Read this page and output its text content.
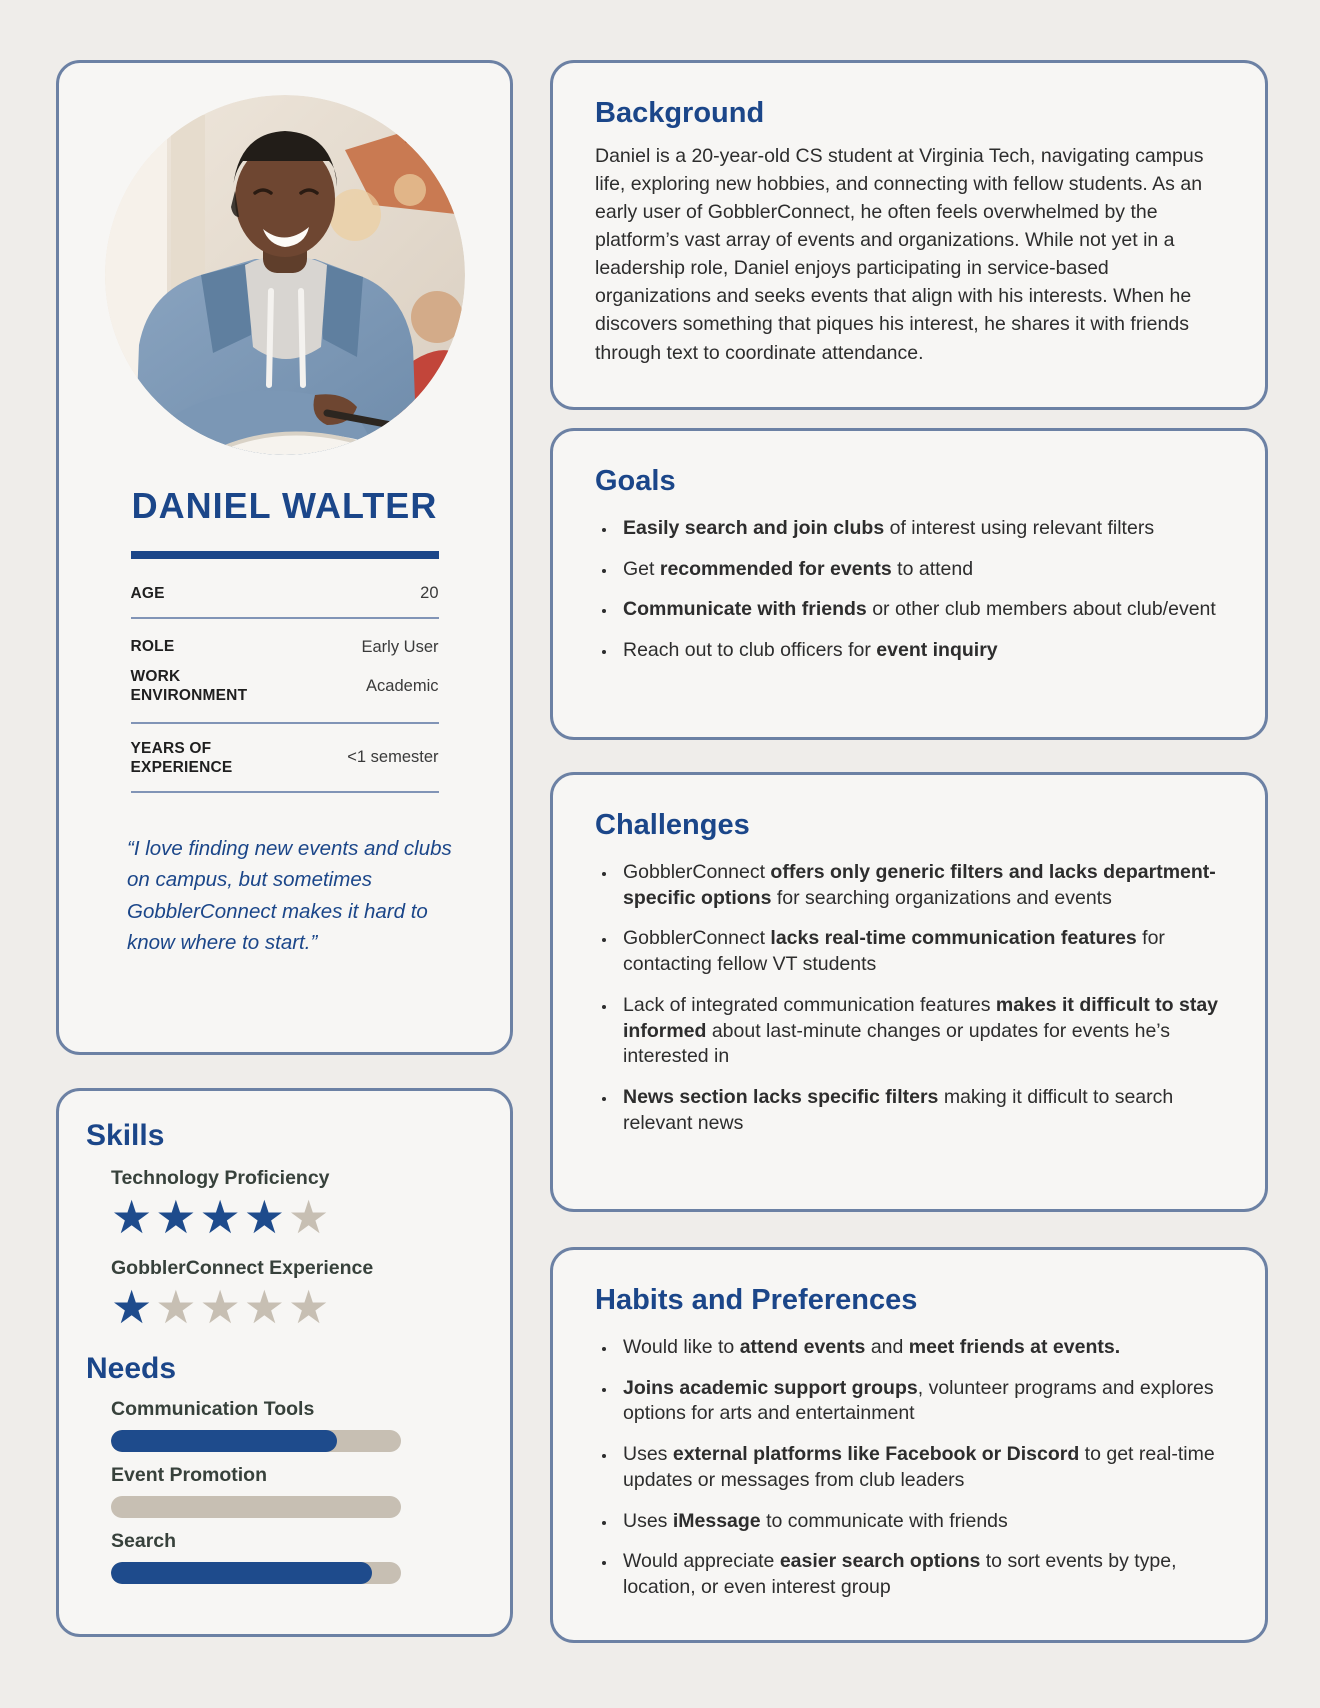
DANIEL WALTER
AGE	20
ROLE	Early User
WORK ENVIRONMENT
Academic
YEARS OF EXPERIENCE
<1 semester

“I love finding new events and clubs on campus, but sometimes GobblerConnect makes it hard to know where to start.”

Skills
Technology Proficiency
★★★★★
GobblerConnect Experience
★★★★★
Needs
Communication Tools
Event Promotion
Search
Background

Daniel is a 20-year-old CS student at Virginia Tech, navigating campus life, exploring new hobbies, and connecting with fellow students. As an early user of GobblerConnect, he often feels overwhelmed by the platform’s vast array of events and organizations. While not yet in a leadership role, Daniel enjoys participating in service-based organizations and seeks events that align with his interests. When he discovers something that piques his interest, he shares it with friends through text to coordinate attendance.

Goals
• Easily search and join clubs of interest using relevant filters
• Get recommended for events to attend
• Communicate with friends or other club members about club/event
• Reach out to club officers for event inquiry
Challenges
• GobblerConnect offers only generic filters and lacks department-specific options for searching organizations and events
• GobblerConnect lacks real-time communication features for contacting fellow VT students
• Lack of integrated communication features makes it difficult to stay informed about last-minute changes or updates for events he’s interested in
• News section lacks specific filters making it difficult to search relevant news
Habits and Preferences
• Would like to attend events and meet friends at events.
• Joins academic support groups, volunteer programs and explores options for arts and entertainment
• Uses external platforms like Facebook or Discord to get real-time updates or messages from club leaders
• Uses iMessage to communicate with friends
• Would appreciate easier search options to sort events by type, location, or even interest group
